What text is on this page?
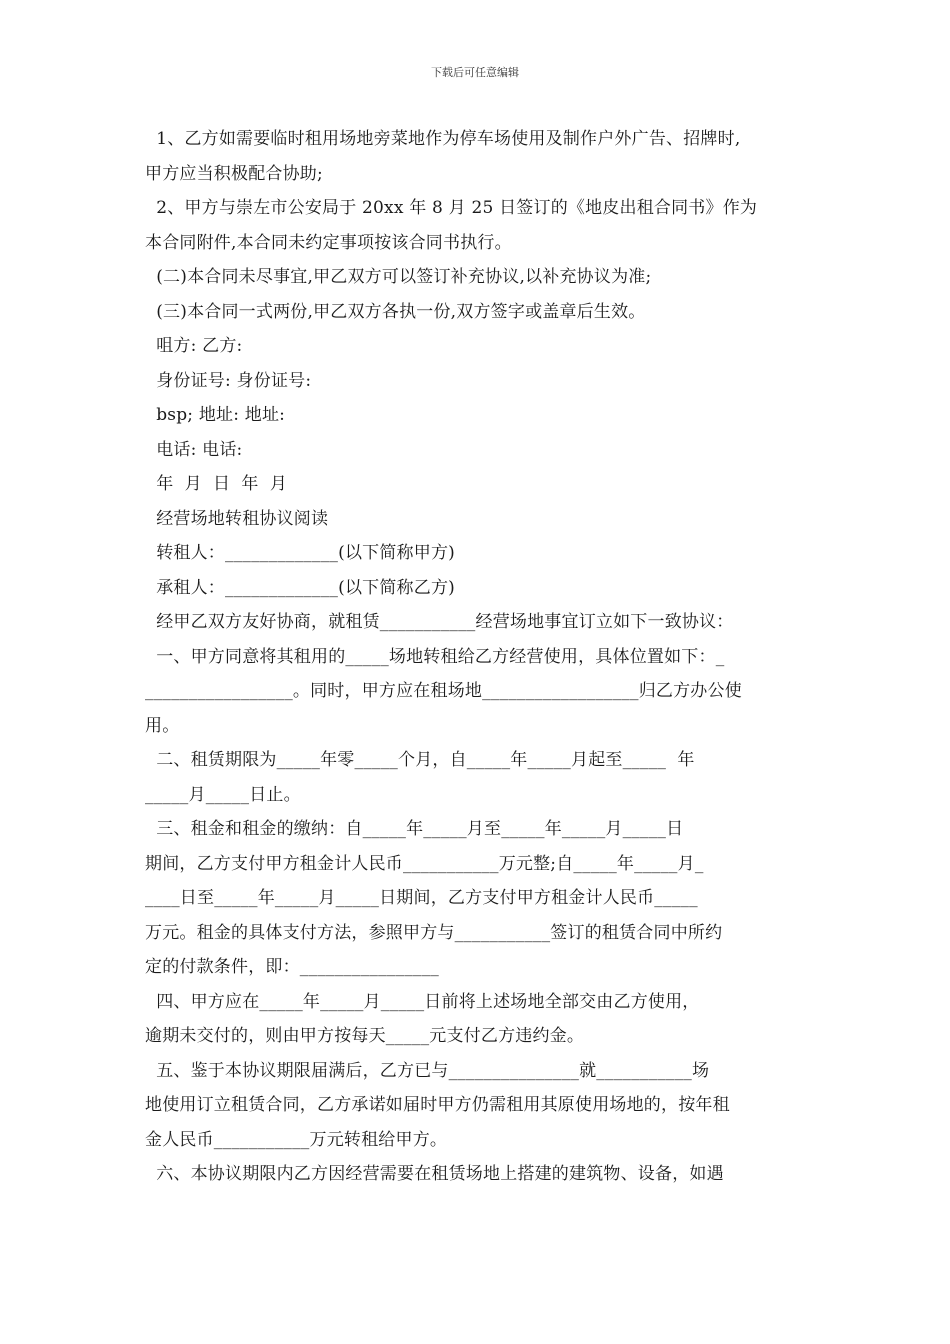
下载后可任意编辑
1、乙方如需要临时租用场地旁菜地作为停车场使用及制作户外广告、招牌时,
甲方应当积极配合协助;
2、甲方与崇左市公安局于 20xx 年 8 月 25 日签订的《地皮出租合同书》作为
本合同附件,本合同未约定事项按该合同书执行。
(二)本合同未尽事宜,甲乙双方可以签订补充协议,以补充协议为准;
(三)本合同一式两份,甲乙双方各执一份,双方签字或盖章后生效。
咀方: 乙方:
身份证号: 身份证号:
bsp; 地址: 地址:
电话: 电话:
年  月  日  年  月
经营场地转租协议阅读
转租人：_____________(以下简称甲方)
承租人：_____________(以下简称乙方)
经甲乙双方友好协商，就租赁___________经营场地事宜订立如下一致协议：
一、甲方同意将其租用的_____场地转租给乙方经营使用，具体位置如下：_
_________________。同时，甲方应在租场地__________________归乙方办公使
用。
二、租赁期限为_____年零_____个月，自_____年_____月起至_____  年
_____月_____日止。
三、租金和租金的缴纳：自_____年_____月至_____年_____月_____日
期间，乙方支付甲方租金计人民币___________万元整;自_____年_____月_
____日至_____年_____月_____日期间，乙方支付甲方租金计人民币_____
万元。租金的具体支付方法，参照甲方与___________签订的租赁合同中所约
定的付款条件，即：________________
四、甲方应在_____年_____月_____日前将上述场地全部交由乙方使用，
逾期未交付的，则由甲方按每天_____元支付乙方违约金。
五、鉴于本协议期限届满后，乙方已与_______________就___________场
地使用订立租赁合同，乙方承诺如届时甲方仍需租用其原使用场地的，按年租
金人民币___________万元转租给甲方。
六、本协议期限内乙方因经营需要在租赁场地上搭建的建筑物、设备，如遇
